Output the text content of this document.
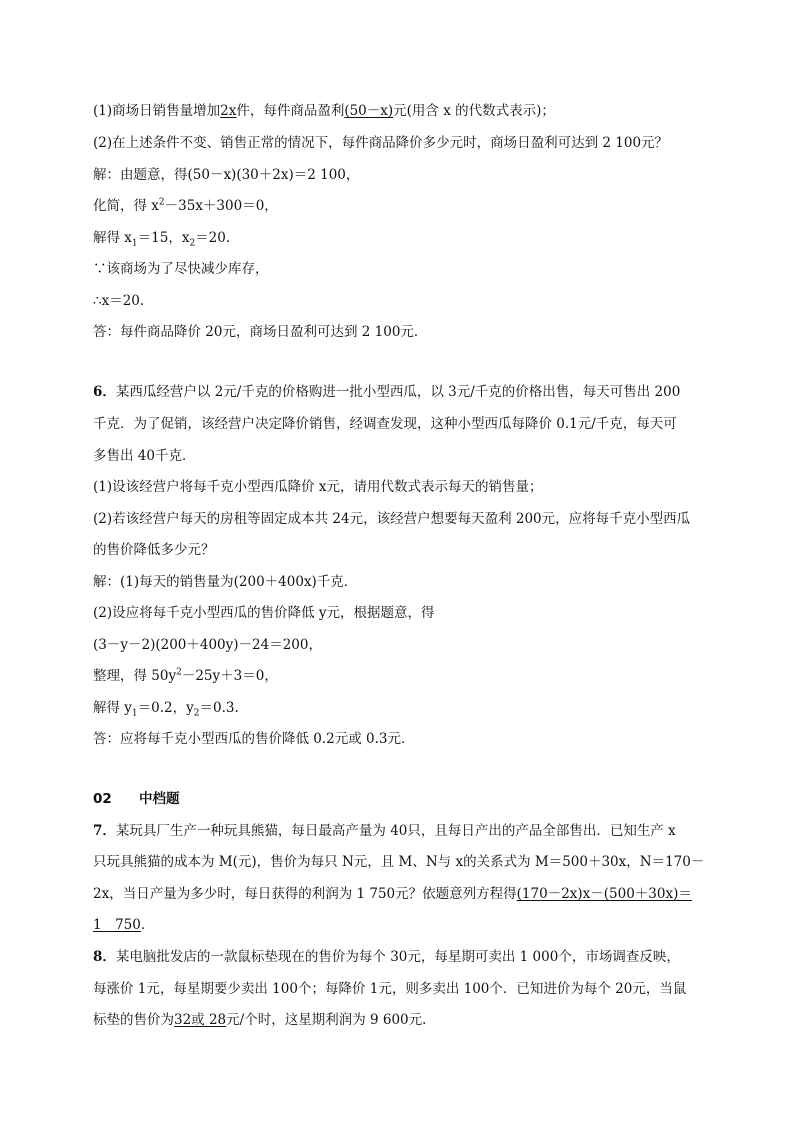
(1)商场日销售量增加2x件，每件商品盈利(50－x)元(用含 x 的代数式表示)；
(2)在上述条件不变、销售正常的情况下，每件商品降价多少元时，商场日盈利可达到 2 100元？
解：由题意，得(50－x)(30＋2x)＝2 100，
化简，得 $x^2-35x+300=0$，
解得 $x_1=15$，$x_2=20$.
∵该商场为了尽快减少库存，
∴x＝20.
答：每件商品降价 20元，商场日盈利可达到 2 100元．
6．某西瓜经营户以 2元/千克的价格购进一批小型西瓜，以 3元/千克的价格出售，每天可售出 200
千克．为了促销，该经营户决定降价销售，经调查发现，这种小型西瓜每降价 0.1元/千克，每天可
多售出 40千克．
(1)设该经营户将每千克小型西瓜降价 x元，请用代数式表示每天的销售量；
(2)若该经营户每天的房租等固定成本共 24元，该经营户想要每天盈利 200元，应将每千克小型西瓜
的售价降低多少元？
解：(1)每天的销售量为(200＋400x)千克．
(2)设应将每千克小型西瓜的售价降低 y元，根据题意，得
(3－y－2)(200＋400y)－24＝200，
整理，得 $50y^2-25y+3=0$，
解得 $y_1=0.2$，$y_2=0.3$.
答：应将每千克小型西瓜的售价降低 0.2元或 0.3元．
02 中档题
7．某玩具厂生产一种玩具熊猫，每日最高产量为 40只，且每日产出的产品全部售出．已知生产 x
只玩具熊猫的成本为 M(元)，售价为每只 N元，且 M、N与 x的关系式为 M＝500＋30x，N＝170－
2x，当日产量为多少时，每日获得的利润为 1 750元？依题意列方程得(170－2x)x－(500＋30x)＝
1　750．
8．某电脑批发店的一款鼠标垫现在的售价为每个 30元，每星期可卖出 1 000个，市场调查反映，
每涨价 1元，每星期要少卖出 100个；每降价 1元，则多卖出 100个．已知进价为每个 20元，当鼠
标垫的售价为32或 28元/个时，这星期利润为 9 600元．
